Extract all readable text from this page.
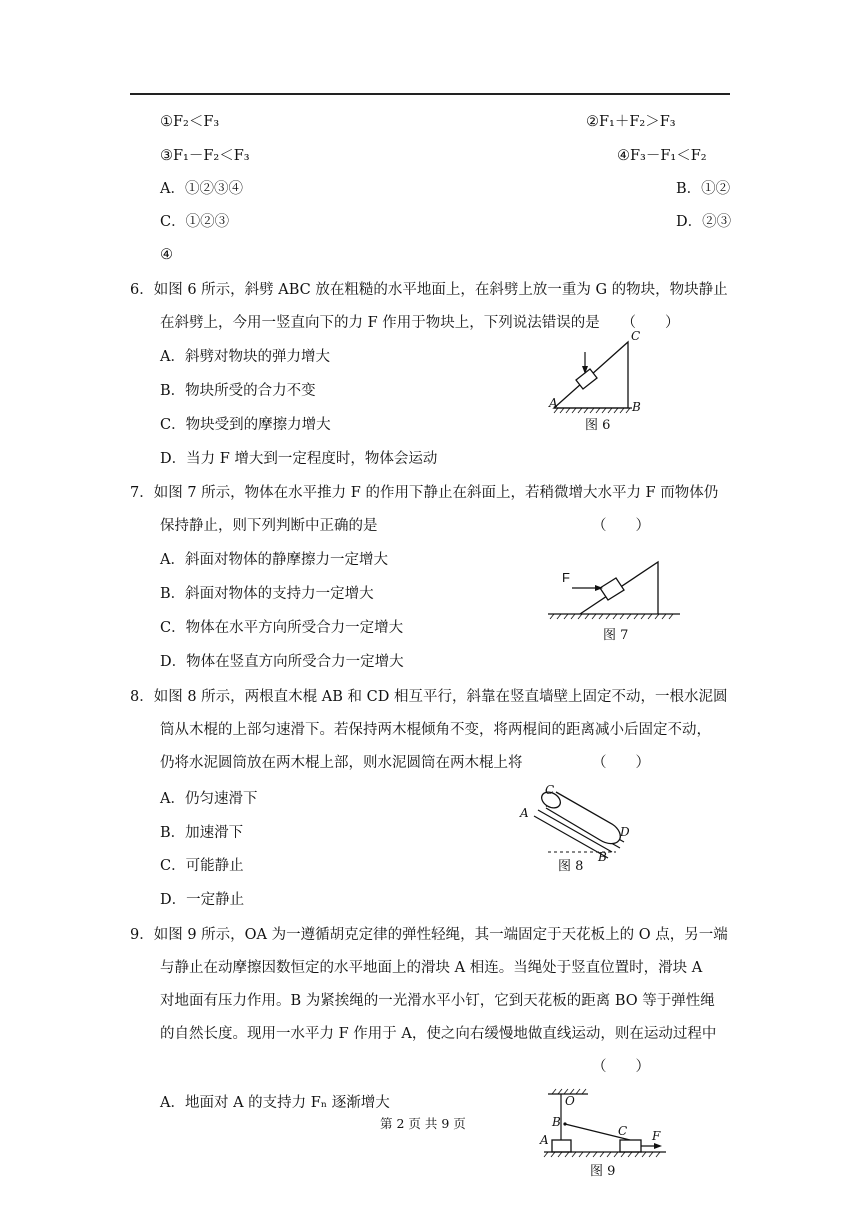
①F₂＜F₃	②F₁＋F₂＞F₃
③F₁－F₂＜F₃	④F₃－F₁＜F₂
A．①②③④	B．①②
C．①②③	D．②③
④
6．如图 6 所示，斜劈 ABC 放在粗糙的水平地面上，在斜劈上放一重为 G 的物块，物块静止
在斜劈上，今用一竖直向下的力 F 作用于物块上，下列说法错误的是　　（　　）
A．斜劈对物块的弹力增大
B．物块所受的合力不变
C．物块受到的摩擦力增大
D．当力 F 增大到一定程度时，物体会运动
A	B
C
图 6
7．如图 7 所示，物体在水平推力 F 的作用下静止在斜面上，若稍微增大水平力 F 而物体仍
保持静止，则下列判断中正确的是	（　　）
A．斜面对物体的静摩擦力一定增大
B．斜面对物体的支持力一定增大
C．物体在水平方向所受合力一定增大
D．物体在竖直方向所受合力一定增大
F
图 7
8．如图 8 所示，两根直木棍 AB 和 CD 相互平行，斜靠在竖直墙壁上固定不动，一根水泥圆
筒从木棍的上部匀速滑下。若保持两木棍倾角不变，将两棍间的距离减小后固定不动，
仍将水泥圆筒放在两木棍上部，则水泥圆筒在两木棍上将	（　　）
A．仍匀速滑下
B．加速滑下
C．可能静止
D．一定静止
C
A
D
B
图 8
9．如图 9 所示，OA 为一遵循胡克定律的弹性轻绳，其一端固定于天花板上的 O 点，另一端
与静止在动摩擦因数恒定的水平地面上的滑块 A 相连。当绳处于竖直位置时，滑块 A
对地面有压力作用。B 为紧挨绳的一光滑水平小钉，它到天花板的距离 BO 等于弹性绳
的自然长度。现用一水平力 F 作用于 A，使之向右缓慢地做直线运动，则在运动过程中
（　　）
A．地面对 A 的支持力 Fₙ 逐渐增大	O
B
A
C F
图 9
第 2 页 共 9 页
